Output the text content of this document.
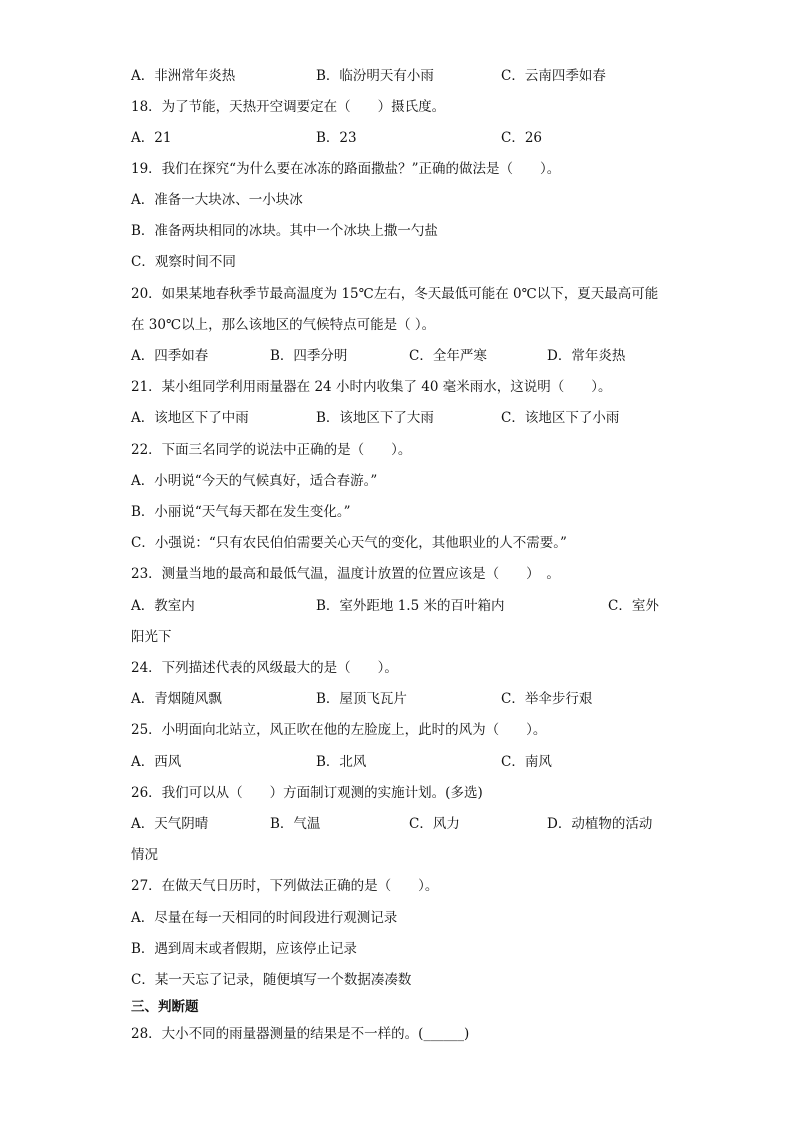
A．非洲常年炎热	B．临汾明天有小雨	C．云南四季如春
18．为了节能，天热开空调要定在（　　）摄氏度。
A．21	B．23	C．26
19．我们在探究“为什么要在冰冻的路面撒盐？”正确的做法是（　　）。
A．准备一大块冰、一小块冰
B．准备两块相同的冰块。其中一个冰块上撒一勺盐
C．观察时间不同
20．如果某地春秋季节最高温度为 15℃左右，冬天最低可能在 0℃以下，夏天最高可能
在 30℃以上，那么该地区的气候特点可能是（ ）。
A．四季如春	B．四季分明	C．全年严寒	D．常年炎热
21．某小组同学利用雨量器在 24 小时内收集了 40 毫米雨水，这说明（　　）。
A．该地区下了中雨	B．该地区下了大雨	C．该地区下了小雨
22．下面三名同学的说法中正确的是（　　）。
A．小明说“今天的气候真好，适合春游。”
B．小丽说“天气每天都在发生变化。”
C．小强说：“只有农民伯伯需要关心天气的变化，其他职业的人不需要。”
23．测量当地的最高和最低气温，温度计放置的位置应该是（　　）　。
A．教室内	B．室外距地 1.5 米的百叶箱内	C．室外
阳光下
24．下列描述代表的风级最大的是（　　）。
A．青烟随风飘	B．屋顶飞瓦片	C．举伞步行艰
25．小明面向北站立，风正吹在他的左脸庞上，此时的风为（　　）。
A．西风	B．北风	C．南风
26．我们可以从（　　）方面制订观测的实施计划。(多选)
A．天气阴晴	B．气温	C．风力	D．动植物的活动
情况
27．在做天气日历时，下列做法正确的是（　　）。
A．尽量在每一天相同的时间段进行观测记录
B．遇到周末或者假期，应该停止记录
C．某一天忘了记录，随便填写一个数据凑凑数
三、判断题
28．大小不同的雨量器测量的结果是不一样的。(______)
